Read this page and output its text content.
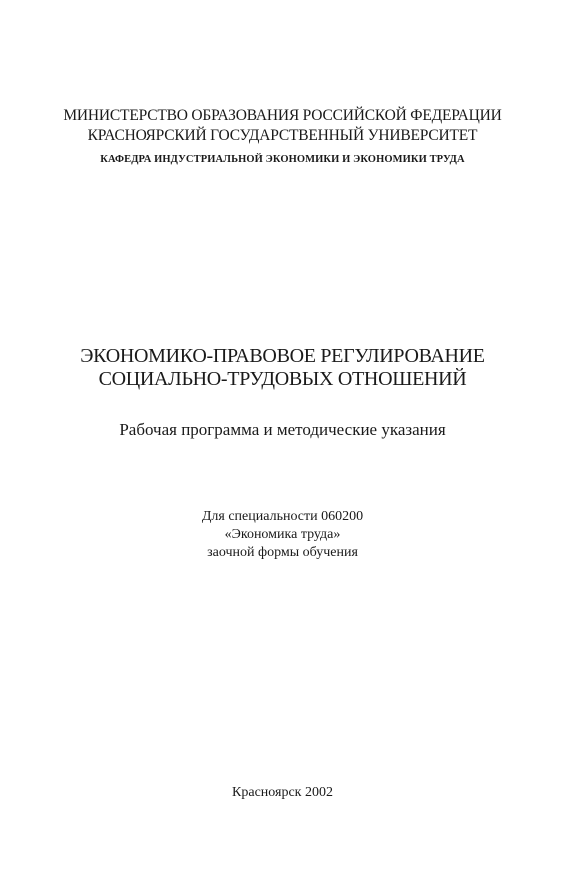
МИНИСТЕРСТВО ОБРАЗОВАНИЯ РОССИЙСКОЙ ФЕДЕРАЦИИ
КРАСНОЯРСКИЙ ГОСУДАРСТВЕННЫЙ УНИВЕРСИТЕТ
КАФЕДРА ИНДУСТРИАЛЬНОЙ ЭКОНОМИКИ И ЭКОНОМИКИ ТРУДА
ЭКОНОМИКО-ПРАВОВОЕ РЕГУЛИРОВАНИЕ
СОЦИАЛЬНО-ТРУДОВЫХ ОТНОШЕНИЙ
Рабочая программа и методические указания
Для специальности 060200
«Экономика труда»
заочной формы обучения
Красноярск 2002
